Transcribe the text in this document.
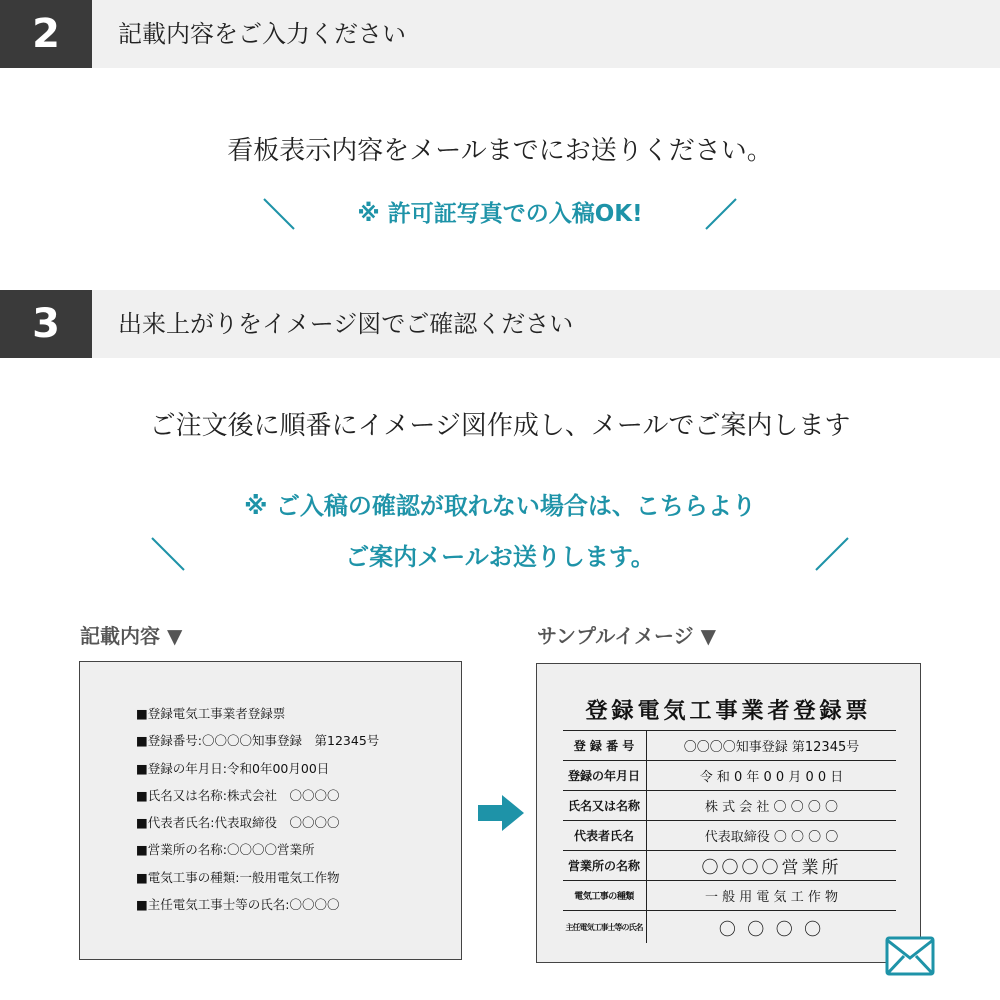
2	記載内容をご入力ください
看板表示内容をメールまでにお送りください。
※ 許可証写真での入稿OK!
3	出来上がりをイメージ図でご確認ください
ご注文後に順番にイメージ図作成し、メールでご案内します
※ ご入稿の確認が取れない場合は、こちらより
ご案内メールお送りします。
記載内容 ▼	サンプルイメージ ▼
■登録電気工事業者登録票
■登録番号:〇〇〇〇知事登録　第12345号
■登録の年月日:令和0年00月00日
■氏名又は名称:株式会社　〇〇〇〇
■代表者氏名:代表取締役　〇〇〇〇
■営業所の名称:〇〇〇〇営業所
■電気工事の種類:一般用電気工作物
■主任電気工事士等の氏名:〇〇〇〇
登録電気工事業者登録票
登 録 番 号	〇〇〇〇知事登録 第12345号
登録の年月日	令 和 0 年 0 0 月 0 0 日
氏名又は名称	株 式 会 社 〇 〇 〇 〇
代表者氏名	代表取締役 〇 〇 〇 〇
営業所の名称	〇〇〇〇営業所
電気工事の種類	一 般 用 電 気 工 作 物
主任電気工事士等の氏名	〇 〇 〇 〇
